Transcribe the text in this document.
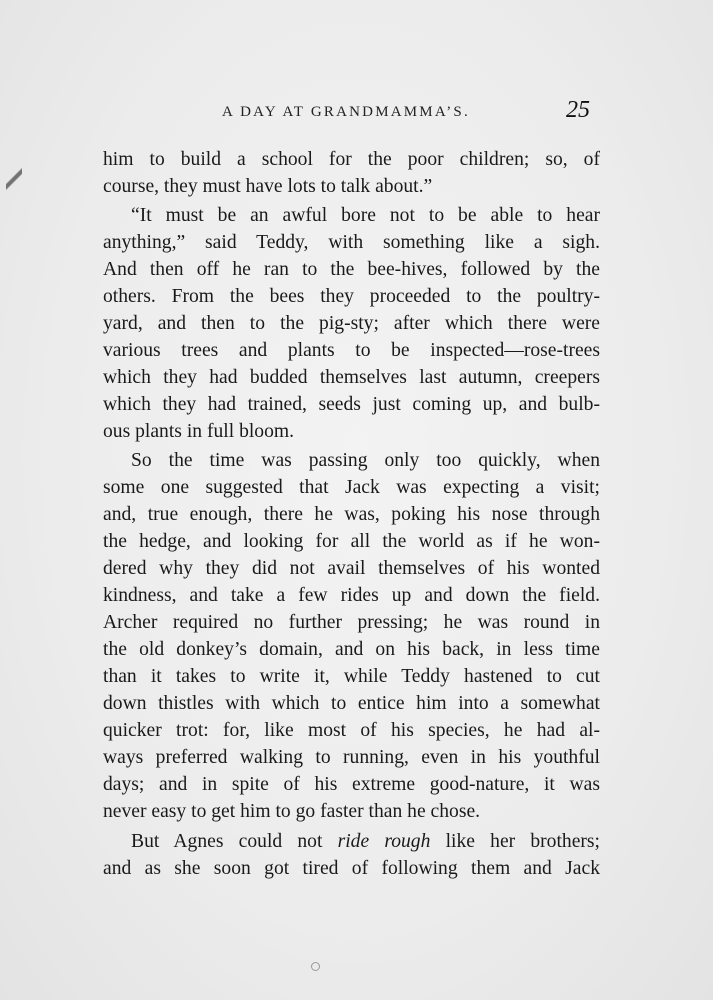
A DAY AT GRANDMAMMA’S.	25
him to build a school for the poor children; so, of
course, they must have lots to talk about.”
“It must be an awful bore not to be able to hear
anything,” said Teddy, with something like a sigh.
And then off he ran to the bee-hives, followed by the
others. From the bees they proceeded to the poultry-
yard, and then to the pig-sty; after which there were
various trees and plants to be inspected—rose-trees
which they had budded themselves last autumn, creepers
which they had trained, seeds just coming up, and bulb-
ous plants in full bloom.
So the time was passing only too quickly, when
some one suggested that Jack was expecting a visit;
and, true enough, there he was, poking his nose through
the hedge, and looking for all the world as if he won-
dered why they did not avail themselves of his wonted
kindness, and take a few rides up and down the field.
Archer required no further pressing; he was round in
the old donkey’s domain, and on his back, in less time
than it takes to write it, while Teddy hastened to cut
down thistles with which to entice him into a somewhat
quicker trot: for, like most of his species, he had al-
ways preferred walking to running, even in his youthful
days; and in spite of his extreme good-nature, it was
never easy to get him to go faster than he chose.
But Agnes could not ride rough like her brothers;
and as she soon got tired of following them and Jack
